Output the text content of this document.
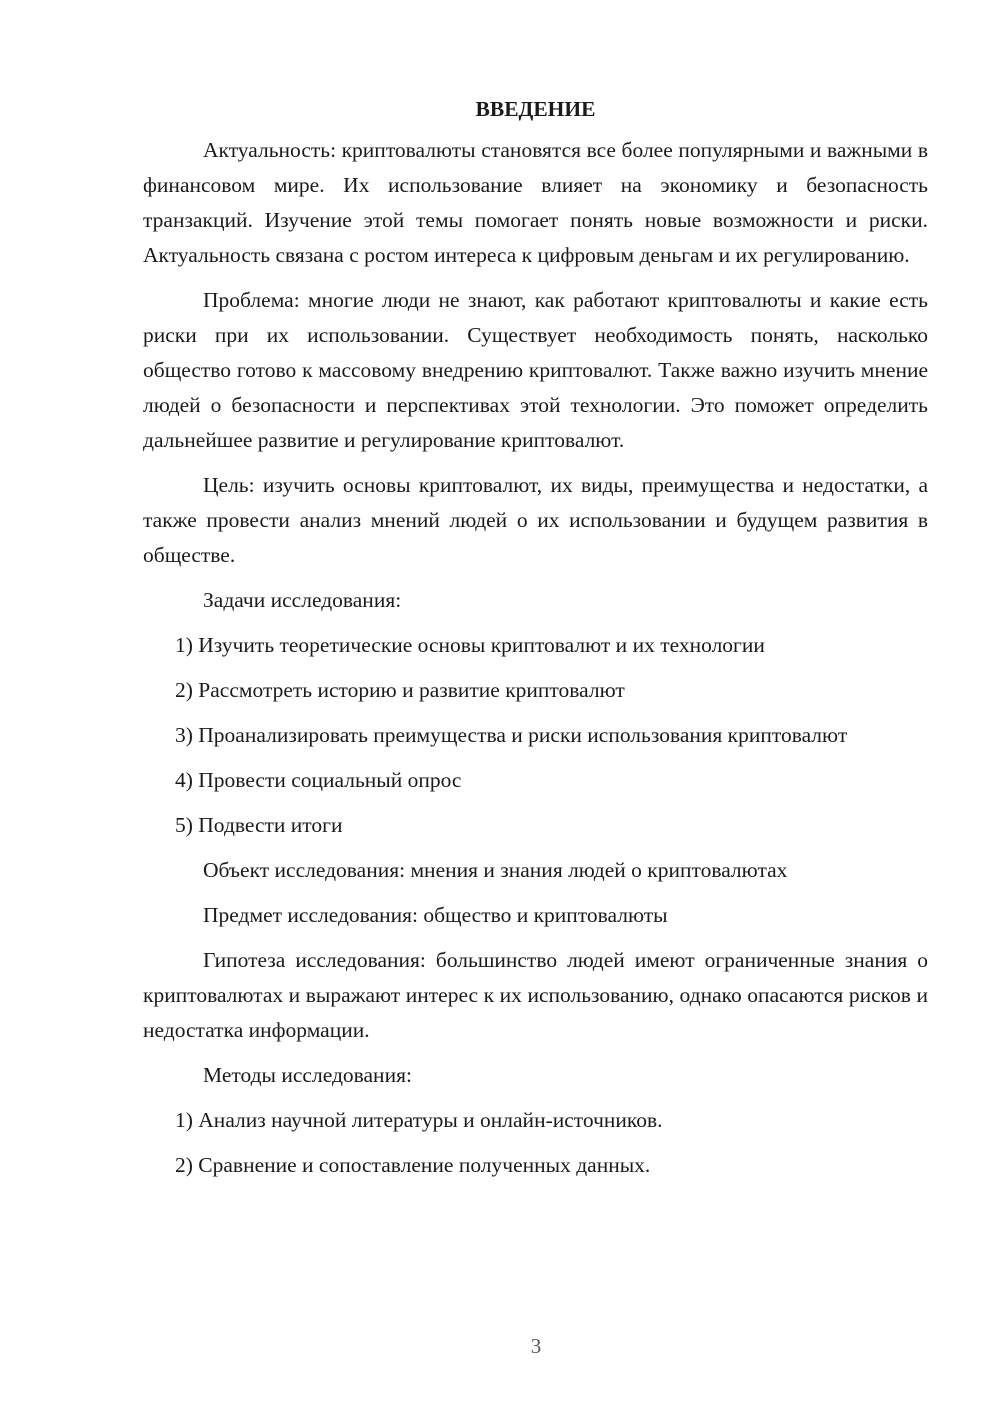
ВВЕДЕНИЕ

Актуальность: криптовалюты становятся все более популярными и важными в финансовом мире. Их использование влияет на экономику и безопасность транзакций. Изучение этой темы помогает понять новые возможности и риски. Актуальность связана с ростом интереса к цифровым деньгам и их регулированию.

Проблема: многие люди не знают, как работают криптовалюты и какие есть риски при их использовании. Существует необходимость понять, насколько общество готово к массовому внедрению криптовалют. Также важно изучить мнение людей о безопасности и перспективах этой технологии. Это поможет определить дальнейшее развитие и регулирование криптовалют.

Цель: изучить основы криптовалют, их виды, преимущества и недостатки, а также провести анализ мнений людей о их использовании и будущем развития в обществе.

Задачи исследования:

1) Изучить теоретические основы криптовалют и их технологии

2) Рассмотреть историю и развитие криптовалют

3) Проанализировать преимущества и риски использования криптовалют

4) Провести социальный опрос

5) Подвести итоги

Объект исследования: мнения и знания людей о криптовалютах

Предмет исследования: общество и криптовалюты

Гипотеза исследования: большинство людей имеют ограниченные знания о криптовалютах и выражают интерес к их использованию, однако опасаются рисков и недостатка информации.

Методы исследования:

1) Анализ научной литературы и онлайн-источников.

2) Сравнение и сопоставление полученных данных.

3
